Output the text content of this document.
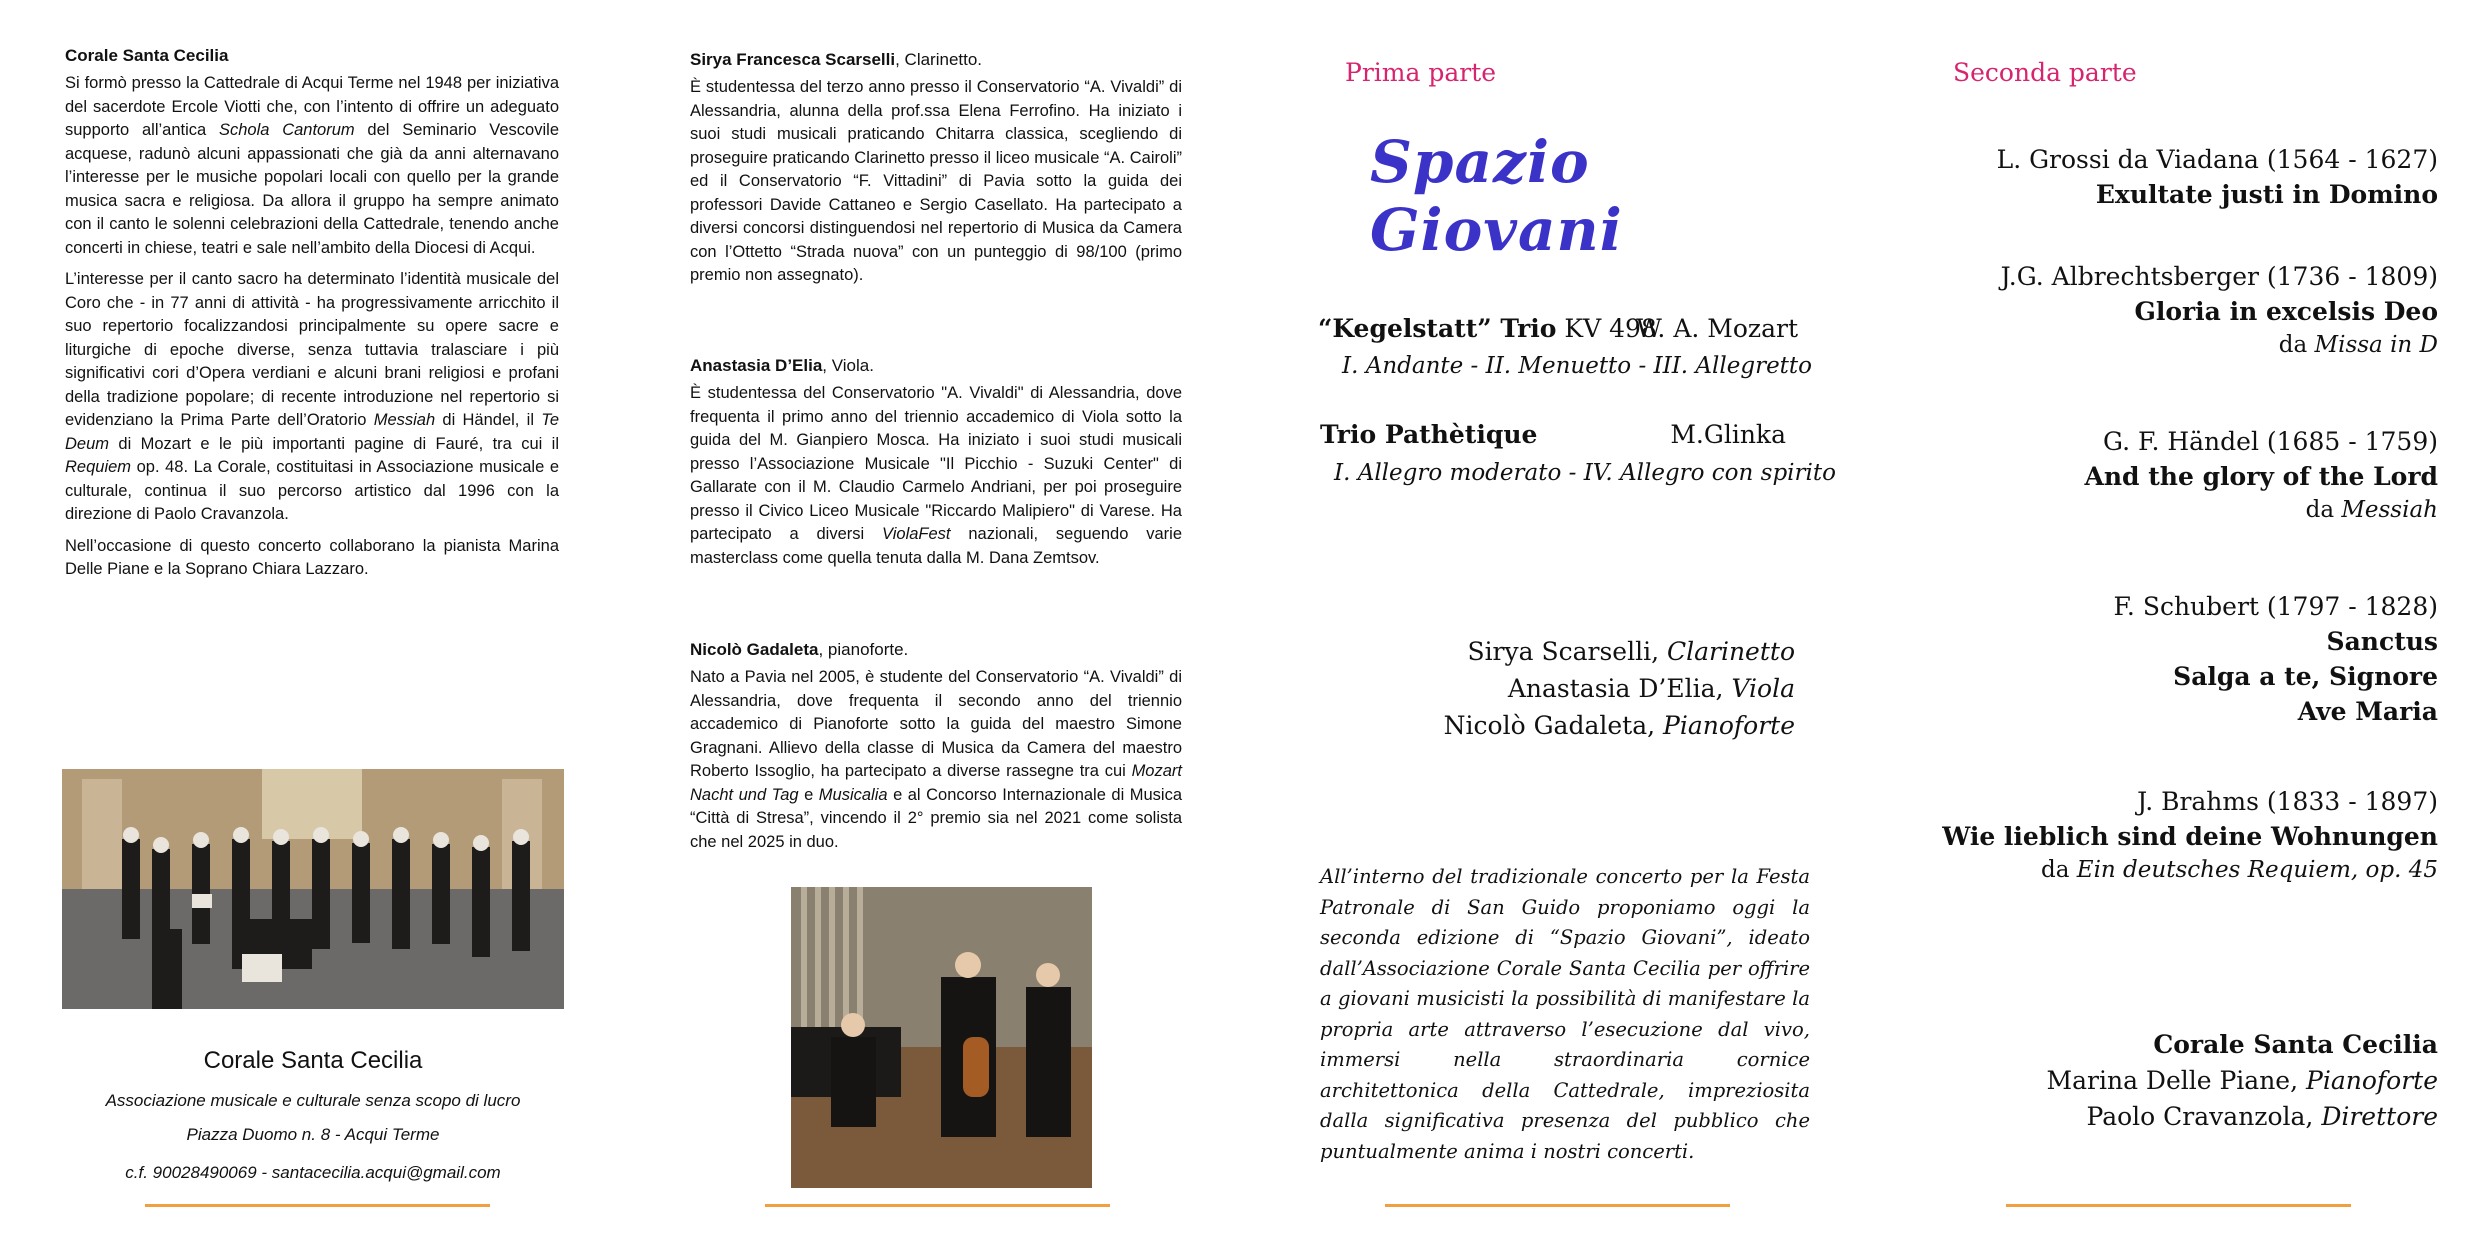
Corale Santa Cecilia

Si formò presso la Cattedrale di Acqui Terme nel 1948 per iniziativa del sacerdote Ercole Viotti che, con l’intento di offrire un adeguato supporto all’antica Schola Cantorum del Seminario Vescovile acquese, radunò alcuni appassionati che già da anni alternavano l’interesse per le musiche popolari locali con quello per la grande musica sacra e religiosa. Da allora il gruppo ha sempre animato con il canto le solenni celebrazioni della Cattedrale, tenendo anche concerti in chiese, teatri e sale nell’ambito della Diocesi di Acqui.

L’interesse per il canto sacro ha determinato l’identità musicale del Coro che - in 77 anni di attività - ha progressivamente arricchito il suo repertorio focalizzandosi principalmente su opere sacre e liturgiche di epoche diverse, senza tuttavia tralasciare i più significativi cori d’Opera verdiani e alcuni brani religiosi e profani della tradizione popolare; di recente introduzione nel repertorio si evidenziano la Prima Parte dell’Oratorio Messiah di Händel, il Te Deum di Mozart e le più importanti pagine di Fauré, tra cui il Requiem op. 48. La Corale, costituitasi in Associazione musicale e culturale, continua il suo percorso artistico dal 1996 con la direzione di Paolo Cravanzola.

Nell’occasione di questo concerto collaborano la pianista Marina Delle Piane e la Soprano Chiara Lazzaro.

Corale Santa Cecilia
Associazione musicale e culturale senza scopo di lucro
Piazza Duomo n. 8 - Acqui Terme
c.f. 90028490069 - santacecilia.acqui@gmail.com
Sirya Francesca Scarselli, Clarinetto.

È studentessa del terzo anno presso il Conservatorio “A. Vivaldi” di Alessandria, alunna della prof.ssa Elena Ferrofino. Ha iniziato i suoi studi musicali praticando Chitarra classica, scegliendo di proseguire praticando Clarinetto presso il liceo musicale “A. Cairoli” ed il Conservatorio “F. Vittadini” di Pavia sotto la guida dei professori Davide Cattaneo e Sergio Casellato. Ha partecipato a diversi concorsi distinguendosi nel repertorio di Musica da Camera con l’Ottetto “Strada nuova” con un punteggio di 98/100 (primo premio non assegnato).

Anastasia D’Elia, Viola.

È studentessa del Conservatorio "A. Vivaldi" di Alessandria, dove frequenta il primo anno del triennio accademico di Viola sotto la guida del M. Gianpiero Mosca. Ha iniziato i suoi studi musicali presso l’Associazione Musicale "Il Picchio - Suzuki Center" di Gallarate con il M. Claudio Carmelo Andriani, per poi proseguire presso il Civico Liceo Musicale "Riccardo Malipiero" di Varese. Ha partecipato a diversi ViolaFest nazionali, seguendo varie masterclass come quella tenuta dalla M. Dana Zemtsov.

Nicolò Gadaleta, pianoforte.

Nato a Pavia nel 2005, è studente del Conservatorio “A. Vivaldi” di Alessandria, dove frequenta il secondo anno del triennio accademico di Pianoforte sotto la guida del maestro Simone Gragnani. Allievo della classe di Musica da Camera del maestro Roberto Issoglio, ha partecipato a diverse rassegne tra cui Mozart Nacht und Tag e Musicalia e al Concorso Internazionale di Musica “Città di Stresa”, vincendo il 2° premio sia nel 2021 come solista che nel 2025 in duo.

Prima parte
Spazio Giovani
“Kegelstatt” Trio KV 498
W. A. Mozart
I. Andante - II. Menuetto - III. Allegretto
Trio Pathètique	M.Glinka
I. Allegro moderato - IV. Allegro con spirito
Sirya Scarselli, Clarinetto
Anastasia D’Elia, Viola
Nicolò Gadaleta, Pianoforte
All’interno del tradizionale concerto per la Festa Patronale di San Guido proponiamo oggi la seconda edizione di “Spazio Giovani”, ideato dall’Associazione Corale Santa Cecilia per offrire a giovani musicisti la possibilità di manifestare la propria arte attraverso l’esecuzione dal vivo, immersi nella straordinaria cornice architettonica della Cattedrale, impreziosita dalla significativa presenza del pubblico che puntualmente anima i nostri concerti.
Seconda parte
L. Grossi da Viadana (1564 - 1627)
Exultate justi in Domino
J.G. Albrechtsberger (1736 - 1809)
Gloria in excelsis Deo
da Missa in D
G. F. Händel (1685 - 1759)
And the glory of the Lord
da Messiah
F. Schubert (1797 - 1828)
Sanctus
Salga a te, Signore
Ave Maria
J. Brahms (1833 - 1897)
Wie lieblich sind deine Wohnungen
da Ein deutsches Requiem, op. 45
Corale Santa Cecilia
Marina Delle Piane, Pianoforte
Paolo Cravanzola, Direttore
